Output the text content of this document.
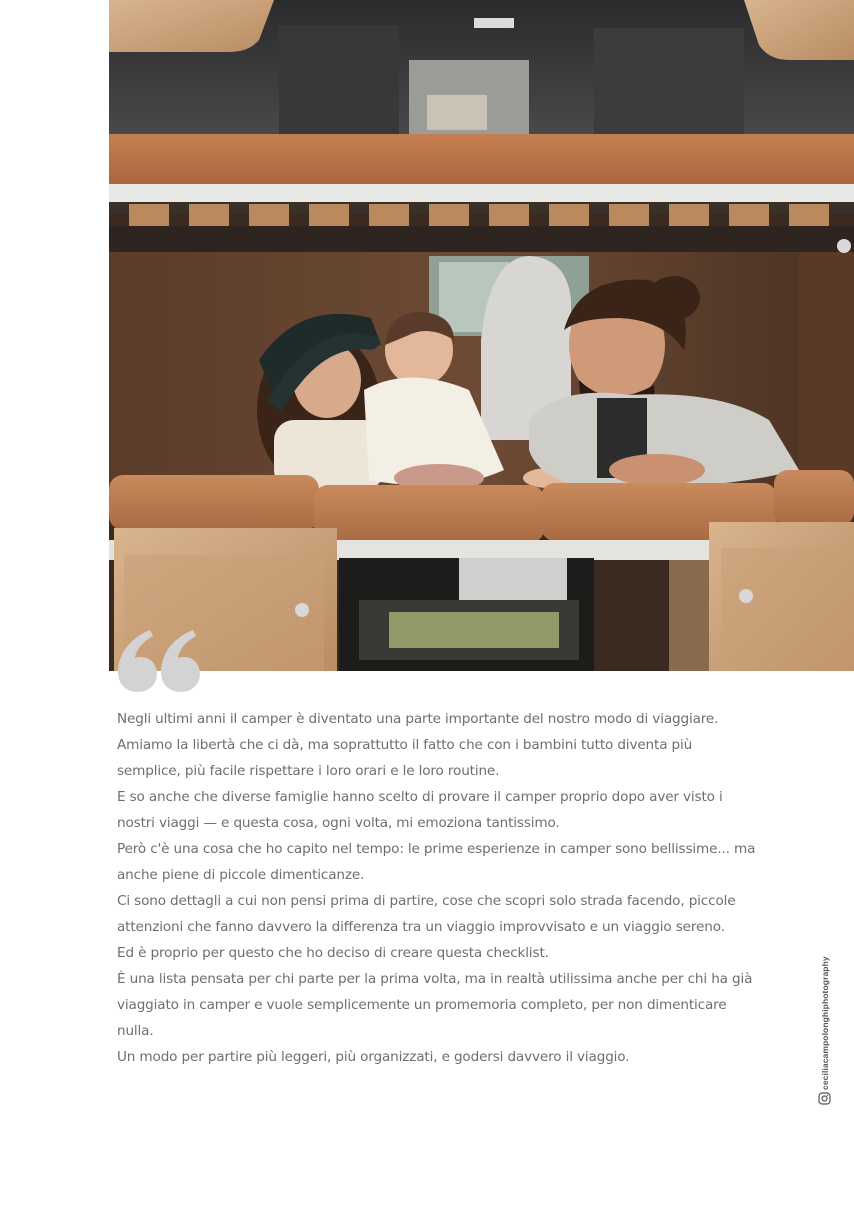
Negli ultimi anni il camper è diventato una parte importante del nostro modo di viaggiare.

Amiamo la libertà che ci dà, ma soprattutto il fatto che con i bambini tutto diventa più semplice, più facile rispettare i loro orari e le loro routine.

E so anche che diverse famiglie hanno scelto di provare il camper proprio dopo aver visto i nostri viaggi — e questa cosa, ogni volta, mi emoziona tantissimo.

Però c'è una cosa che ho capito nel tempo: le prime esperienze in camper sono bellissime... ma anche piene di piccole dimenticanze.

Ci sono dettagli a cui non pensi prima di partire, cose che scopri solo strada facendo, piccole attenzioni che fanno davvero la differenza tra un viaggio improvvisato e un viaggio sereno.

Ed è proprio per questo che ho deciso di creare questa checklist.

È una lista pensata per chi parte per la prima volta, ma in realtà utilissima anche per chi ha già viaggiato in camper e vuole semplicemente un promemoria completo, per non dimenticare nulla.

Un modo per partire più leggeri, più organizzati, e godersi davvero il viaggio.	ceciliacampolonghiphotography
